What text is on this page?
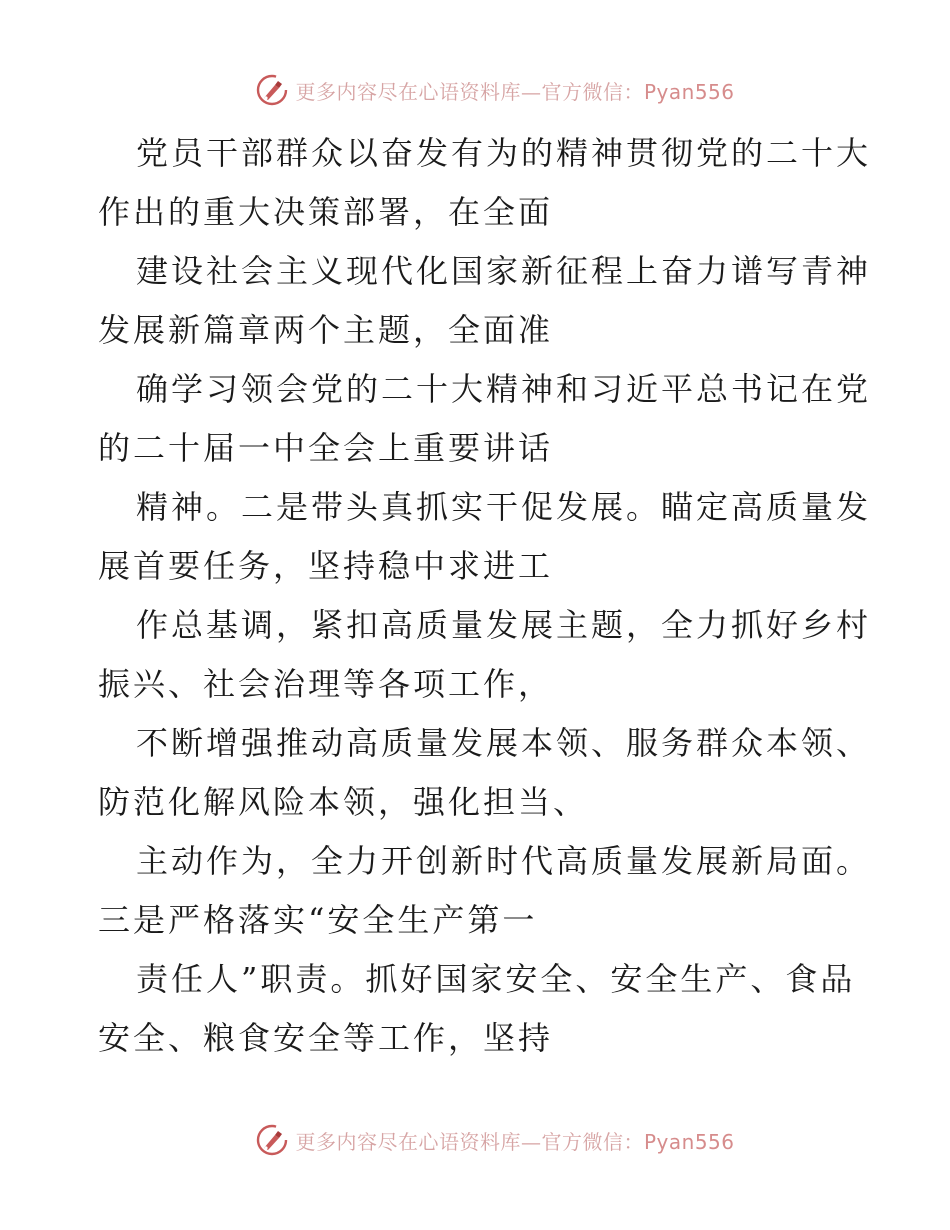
更多内容尽在心语资料库—官方微信：Pyan556

党员干部群众以奋发有为的精神贯彻党的二十大
作出的重大决策部署，在全面

建设社会主义现代化国家新征程上奋力谱写青神
发展新篇章两个主题，全面准

确学习领会党的二十大精神和习近平总书记在党
的二十届一中全会上重要讲话

精神。二是带头真抓实干促发展。瞄定高质量发
展首要任务，坚持稳中求进工

作总基调，紧扣高质量发展主题，全力抓好乡村
振兴、社会治理等各项工作，

不断增强推动高质量发展本领、服务群众本领、
防范化解风险本领，强化担当、

主动作为，全力开创新时代高质量发展新局面。
三是严格落实“安全生产第一

责任人”职责。抓好国家安全、安全生产、食品
安全、粮食安全等工作，坚持

更多内容尽在心语资料库—官方微信：Pyan556
